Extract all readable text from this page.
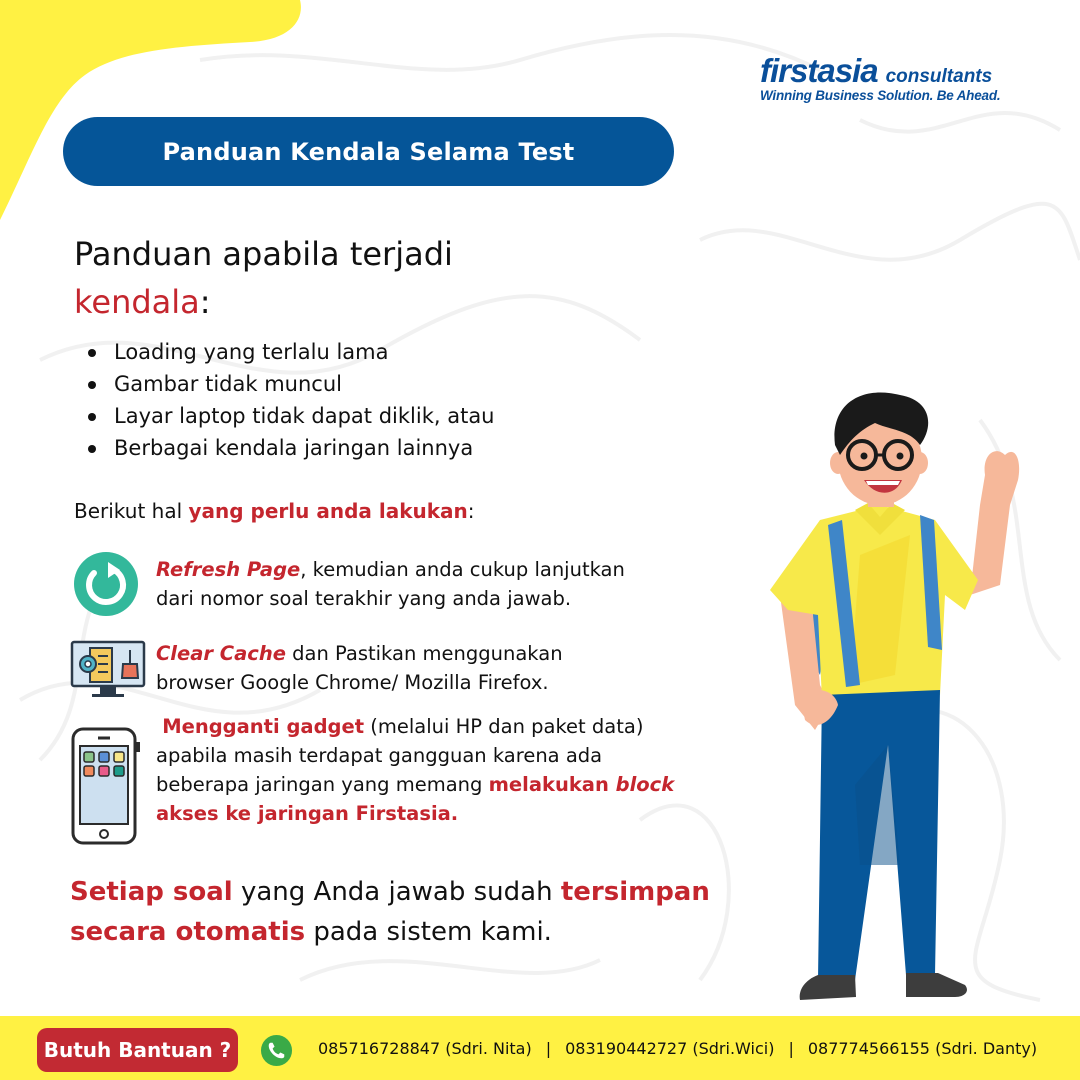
firstasia consultants
Winning Business Solution. Be Ahead.
Panduan Kendala Selama Test
Panduan apabila terjadi
kendala:
Loading yang terlalu lama
Gambar tidak muncul
Layar laptop tidak dapat diklik, atau
Berbagai kendala jaringan lainnya
Berikut hal yang perlu anda lakukan:
Refresh Page, kemudian anda cukup lanjutkan
dari nomor soal terakhir yang anda jawab.
Clear Cache dan Pastikan menggunakan
browser Google Chrome/ Mozilla Firefox.
Mengganti gadget (melalui HP dan paket data)
apabila masih terdapat gangguan karena ada
beberapa jaringan yang memang melakukan block
akses ke jaringan Firstasia.
Setiap soal yang Anda jawab sudah tersimpan
secara otomatis pada sistem kami.
Butuh Bantuan ?	085716728847 (Sdri. Nita) | 083190442727 (Sdri.Wici) | 087774566155 (Sdri. Danty)
